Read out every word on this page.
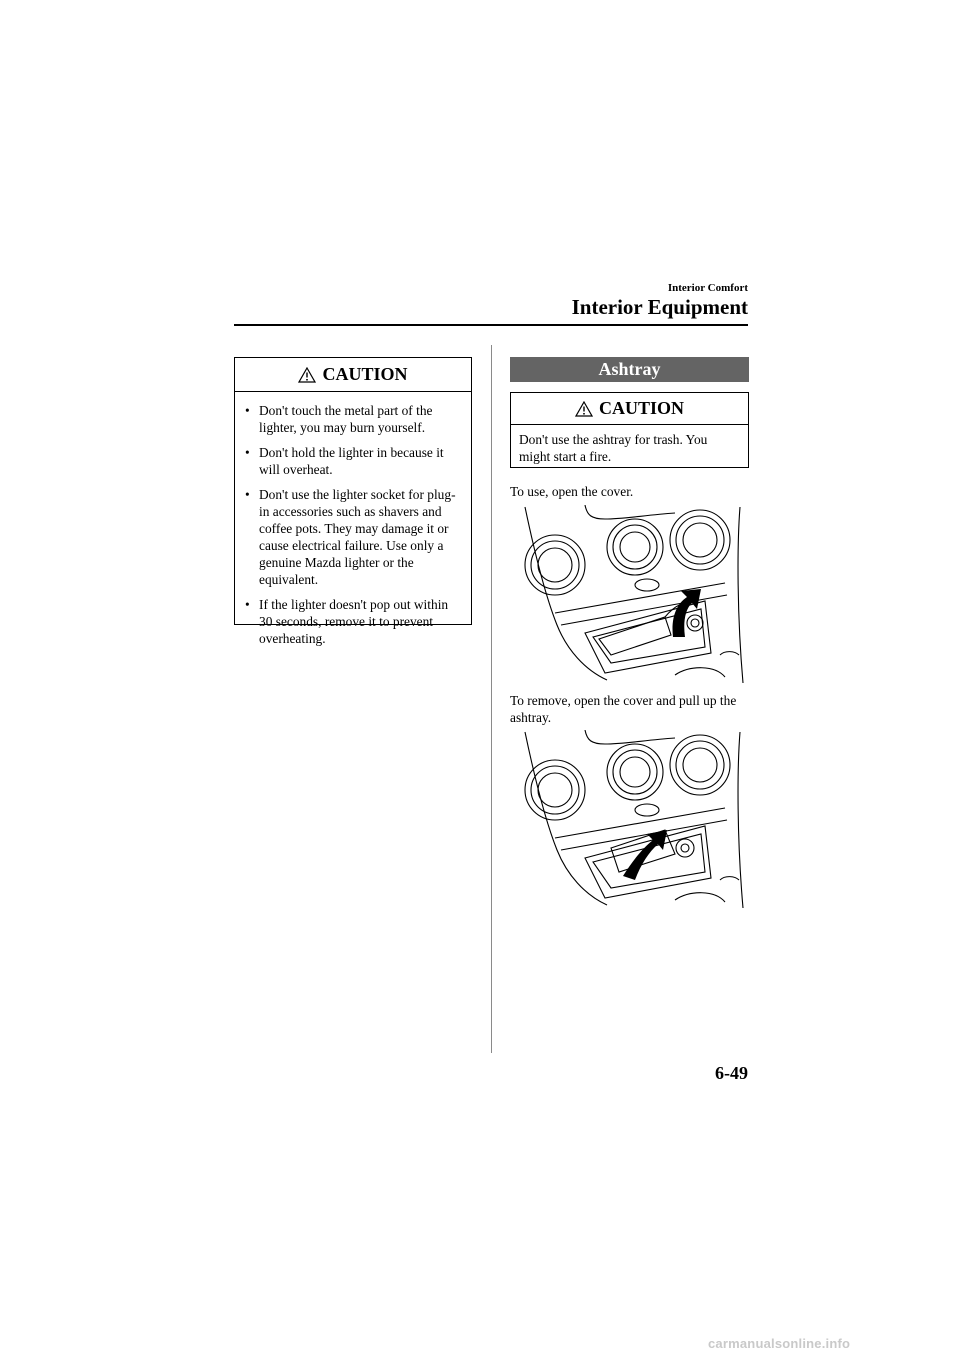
Interior Comfort
Interior Equipment
CAUTION
• Don't touch the metal part of the lighter, you may burn yourself.
• Don't hold the lighter in because it will overheat.
• Don't use the lighter socket for plug-in accessories such as shavers and coffee pots. They may damage it or cause electrical failure. Use only a genuine Mazda lighter or the equivalent.
• If the lighter doesn't pop out within 30 seconds, remove it to prevent overheating.
Ashtray
CAUTION
Don't use the ashtray for trash. You might start a fire.
To use, open the cover.
To remove, open the cover and pull up the ashtray.
6-49
carmanualsonline.info
